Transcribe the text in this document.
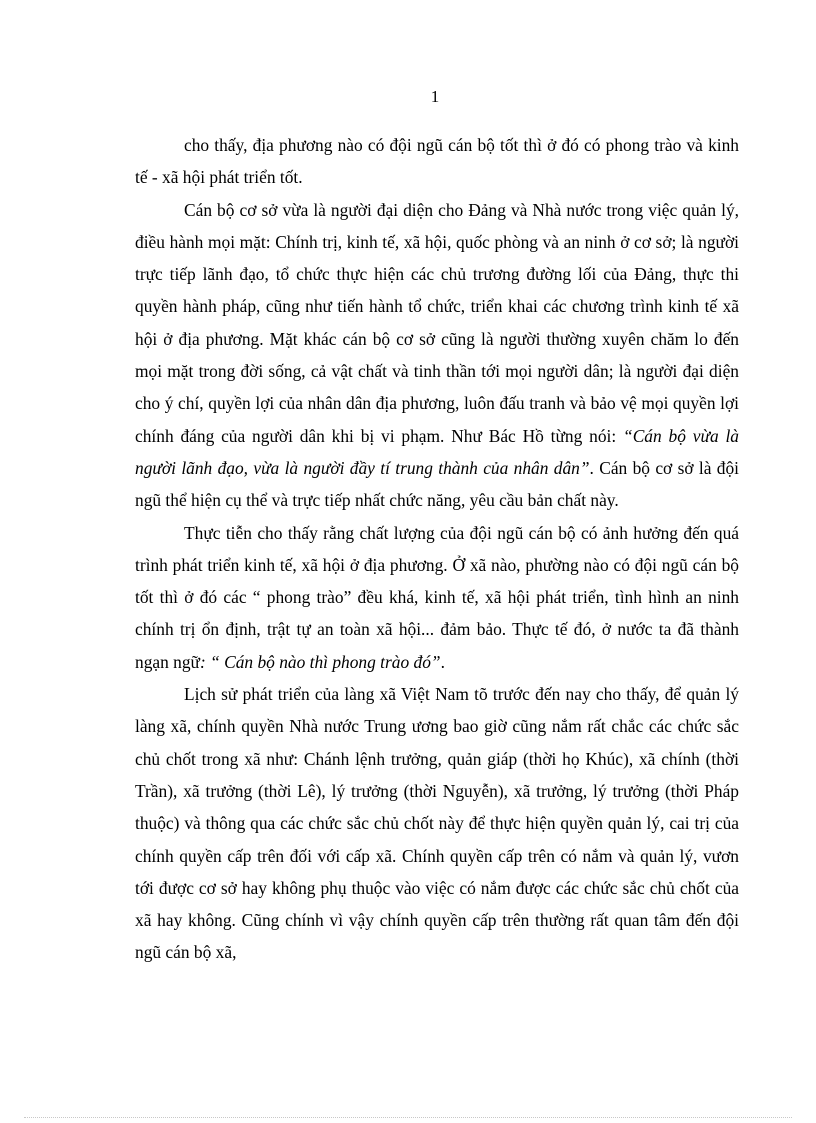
1

cho thấy, địa phương nào có đội ngũ cán bộ tốt thì ở đó có phong trào và kinh tế - xã hội phát triển tốt.

Cán bộ cơ sở vừa là người đại diện cho Đảng và Nhà nước trong việc quản lý, điều hành mọi mặt: Chính trị, kinh tế, xã hội, quốc phòng và an ninh ở cơ sở; là người trực tiếp lãnh đạo, tổ chức thực hiện các chủ trương đường lối của Đảng, thực thi quyền hành pháp, cũng như tiến hành tổ chức, triển khai các chương trình kinh tế xã hội ở địa phương. Mặt khác cán bộ cơ sở cũng là người thường xuyên chăm lo đến mọi mặt trong đời sống, cả vật chất và tinh thần tới mọi người dân; là người đại diện cho ý chí, quyền lợi của nhân dân địa phương, luôn đấu tranh và bảo vệ mọi quyền lợi chính đáng của người dân khi bị vi phạm. Như Bác Hồ từng nói: “Cán bộ vừa là người lãnh đạo, vừa là người đầy tí trung thành của nhân dân”. Cán bộ cơ sở là đội ngũ thể hiện cụ thể và trực tiếp nhất chức năng, yêu cầu bản chất này.

Thực tiễn cho thấy rằng chất lượng của đội ngũ cán bộ có ảnh hưởng đến quá trình phát triển kinh tế, xã hội ở địa phương. Ở xã nào, phường nào có đội ngũ cán bộ tốt thì ở đó các “ phong trào” đều khá, kinh tế, xã hội phát triển, tình hình an ninh chính trị ổn định, trật tự an toàn xã hội... đảm bảo. Thực tế đó, ở nước ta đã thành ngạn ngữ: “ Cán bộ nào thì phong trào đó”.

Lịch sử phát triển của làng xã Việt Nam tõ trước đến nay cho thấy, để quản lý làng xã, chính quyền Nhà nước Trung ương bao giờ cũng nắm rất chắc các chức sắc chủ chốt trong xã như: Chánh lệnh trưởng, quản giáp (thời họ Khúc), xã chính (thời Trần), xã trưởng (thời Lê), lý trưởng (thời Nguyễn), xã trưởng, lý trưởng (thời Pháp thuộc) và thông qua các chức sắc chủ chốt này để thực hiện quyền quản lý, cai trị của chính quyền cấp trên đối với cấp xã. Chính quyền cấp trên có nắm và quản lý, vươn tới được cơ sở hay không phụ thuộc vào việc có nắm được các chức sắc chủ chốt của xã hay không. Cũng chính vì vậy chính quyền cấp trên thường rất quan tâm đến đội ngũ cán bộ xã,
